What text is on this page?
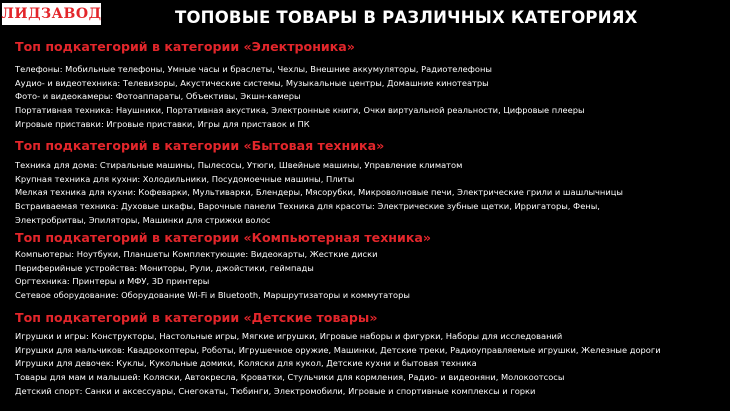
ЛИДЗАВОД	ТОПОВЫЕ ТОВАРЫ В РАЗЛИЧНЫХ КАТЕГОРИЯХ
Топ подкатегорий в категории «Электроника»
Телефоны: Мобильные телефоны, Умные часы и браслеты, Чехлы, Внешние аккумуляторы, Радиотелефоны
Аудио- и видеотехника: Телевизоры, Акустические системы, Музыкальные центры, Домашние кинотеатры
Фото- и видеокамеры: Фотоаппараты, Объективы, Экшн-камеры
Портативная техника: Наушники, Портативная акустика, Электронные книги, Очки виртуальной реальности, Цифровые плееры
Игровые приставки: Игровые приставки, Игры для приставок и ПК
Топ подкатегорий в категории «Бытовая техника»
Техника для дома: Стиральные машины, Пылесосы, Утюги, Швейные машины, Управление климатом
Крупная техника для кухни: Холодильники, Посудомоечные машины, Плиты
Мелкая техника для кухни: Кофеварки, Мультиварки, Блендеры, Мясорубки, Микроволновые печи, Электрические грили и шашлычницы
Встраиваемая техника: Духовые шкафы, Варочные панели Техника для красоты: Электрические зубные щетки, Ирригаторы, Фены,
Электробритвы, Эпиляторы, Машинки для стрижки волос
Топ подкатегорий в категории «Компьютерная техника»
Компьютеры: Ноутбуки, Планшеты Комплектующие: Видеокарты, Жесткие диски
Периферийные устройства: Мониторы, Рули, джойстики, геймпады
Оргтехника: Принтеры и МФУ, 3D принтеры
Сетевое оборудование: Оборудование Wi-Fi и Bluetooth, Маршрутизаторы и коммутаторы
Топ подкатегорий в категории «Детские товары»
Игрушки и игры: Конструкторы, Настольные игры, Мягкие игрушки, Игровые наборы и фигурки, Наборы для исследований
Игрушки для мальчиков: Квадрокоптеры, Роботы, Игрушечное оружие, Машинки, Детские треки, Радиоуправляемые игрушки, Железные дороги
Игрушки для девочек: Куклы, Кукольные домики, Коляски для кукол, Детские кухни и бытовая техника
Товары для мам и малышей: Коляски, Автокресла, Кроватки, Стульчики для кормления, Радио- и видеоняни, Молокоотсосы
Детский спорт: Санки и аксессуары, Снегокаты, Тюбинги, Электромобили, Игровые и спортивные комплексы и горки
